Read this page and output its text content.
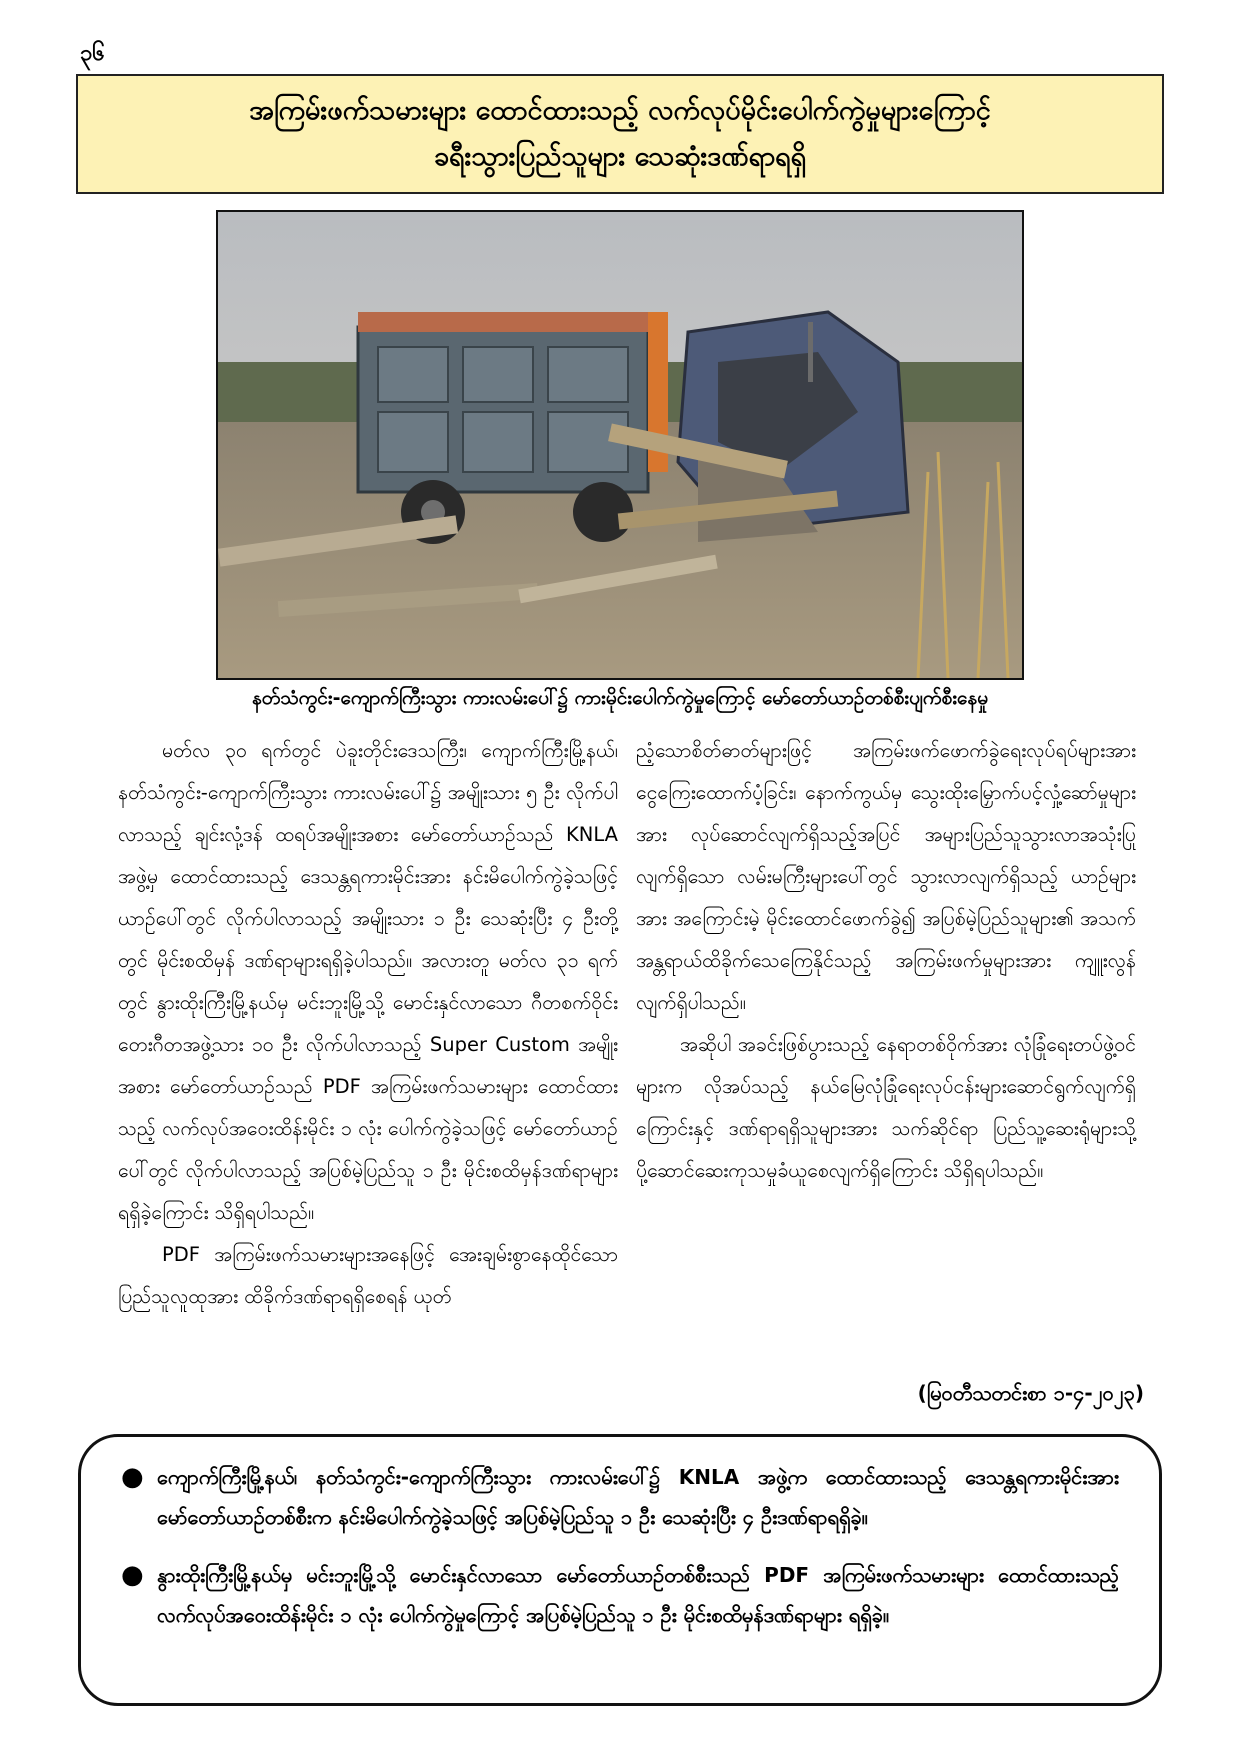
၃၆
အကြမ်းဖက်သမားများ ထောင်ထားသည့် လက်လုပ်မိုင်းပေါက်ကွဲမှုများကြောင့်
ခရီးသွားပြည်သူများ သေဆုံးဒဏ်ရာရရှိ
နတ်သံကွင်း-ကျောက်ကြီးသွား ကားလမ်းပေါ်၌ ကားမိုင်းပေါက်ကွဲမှုကြောင့် မော်တော်ယာဉ်တစ်စီးပျက်စီးနေမှု

မတ်လ ၃၀ ရက်တွင် ပဲခူးတိုင်းဒေသကြီး၊ ကျောက်ကြီးမြို့နယ်၊ နတ်သံကွင်း-ကျောက်ကြီးသွား ကားလမ်းပေါ်၌ အမျိုးသား ၅ ဦး လိုက်ပါလာသည့် ချင်းလုံ့ဒန် ထရပ်အမျိုးအစား မော်တော်ယာဉ်သည် KNLA အဖွဲ့မှ ထောင်ထားသည့် ဒေသန္တရကားမိုင်းအား နင်းမိပေါက်ကွဲခဲ့သဖြင့် ယာဉ်ပေါ်တွင် လိုက်ပါလာသည့် အမျိုးသား ၁ ဦး သေဆုံးပြီး ၄ ဦးတို့တွင် မိုင်းစထိမှန် ဒဏ်ရာများရရှိခဲ့ပါသည်။ အလားတူ မတ်လ ၃၁ ရက်တွင် နွားထိုးကြီးမြို့နယ်မှ မင်းဘူးမြို့သို့ မောင်းနှင်လာသော ဂီတစက်ဝိုင်းတေးဂီတအဖွဲ့သား ၁၀ ဦး လိုက်ပါလာသည့် Super Custom အမျိုးအစား မော်တော်ယာဉ်သည် PDF အကြမ်းဖက်သမားများ ထောင်ထားသည့် လက်လုပ်အဝေးထိန်းမိုင်း ၁ လုံး ပေါက်ကွဲခဲ့သဖြင့် မော်တော်ယာဉ်ပေါ်တွင် လိုက်ပါလာသည့် အပြစ်မဲ့ပြည်သူ ၁ ဦး မိုင်းစထိမှန်ဒဏ်ရာများ ရရှိခဲ့ကြောင်း သိရှိရပါသည်။

PDF အကြမ်းဖက်သမားများအနေဖြင့် အေးချမ်းစွာနေထိုင်သော ပြည်သူလူထုအား ထိခိုက်ဒဏ်ရာရရှိစေရန် ယုတ်

ညံ့သောစိတ်ဓာတ်များဖြင့် အကြမ်းဖက်ဖောက်ခွဲရေးလုပ်ရပ်များအား ငွေကြေးထောက်ပံ့ခြင်း၊ နောက်ကွယ်မှ သွေးထိုးမြှောက်ပင့်လှုံ့ဆော်မှုများအား လုပ်ဆောင်လျက်ရှိသည့်အပြင် အများပြည်သူသွားလာအသုံးပြုလျက်ရှိသော လမ်းမကြီးများပေါ်တွင် သွားလာလျက်ရှိသည့် ယာဉ်များအား အကြောင်းမဲ့ မိုင်းထောင်ဖောက်ခွဲ၍ အပြစ်မဲ့ပြည်သူများ၏ အသက်အန္တရာယ်ထိခိုက်သေကြေနိုင်သည့် အကြမ်းဖက်မှုများအား ကျူးလွန်လျက်ရှိပါသည်။

အဆိုပါ အခင်းဖြစ်ပွားသည့် နေရာတစ်ဝိုက်အား လုံခြုံရေးတပ်ဖွဲ့ဝင်များက လိုအပ်သည့် နယ်မြေလုံခြုံရေးလုပ်ငန်းများဆောင်ရွက်လျက်ရှိကြောင်းနှင့် ဒဏ်ရာရရှိသူများအား သက်ဆိုင်ရာ ပြည်သူ့ဆေးရုံများသို့ ပို့ဆောင်ဆေးကုသမှုခံယူစေလျက်ရှိကြောင်း သိရှိရပါသည်။

(မြဝတီသတင်းစာ ၁-၄-၂၀၂၃)
● ကျောက်ကြီးမြို့နယ်၊ နတ်သံကွင်း-ကျောက်ကြီးသွား ကားလမ်းပေါ်၌ KNLA အဖွဲ့က ထောင်ထားသည့် ဒေသန္တရကားမိုင်းအား မော်တော်ယာဉ်တစ်စီးက နင်းမိပေါက်ကွဲခဲ့သဖြင့် အပြစ်မဲ့ပြည်သူ ၁ ဦး သေဆုံးပြီး ၄ ဦးဒဏ်ရာရရှိခဲ့။
● နွားထိုးကြီးမြို့နယ်မှ မင်းဘူးမြို့သို့ မောင်းနှင်လာသော မော်တော်ယာဉ်တစ်စီးသည် PDF အကြမ်းဖက်သမားများ ထောင်ထားသည့် လက်လုပ်အဝေးထိန်းမိုင်း ၁ လုံး ပေါက်ကွဲမှုကြောင့် အပြစ်မဲ့ပြည်သူ ၁ ဦး မိုင်းစထိမှန်ဒဏ်ရာများ ရရှိခဲ့။
